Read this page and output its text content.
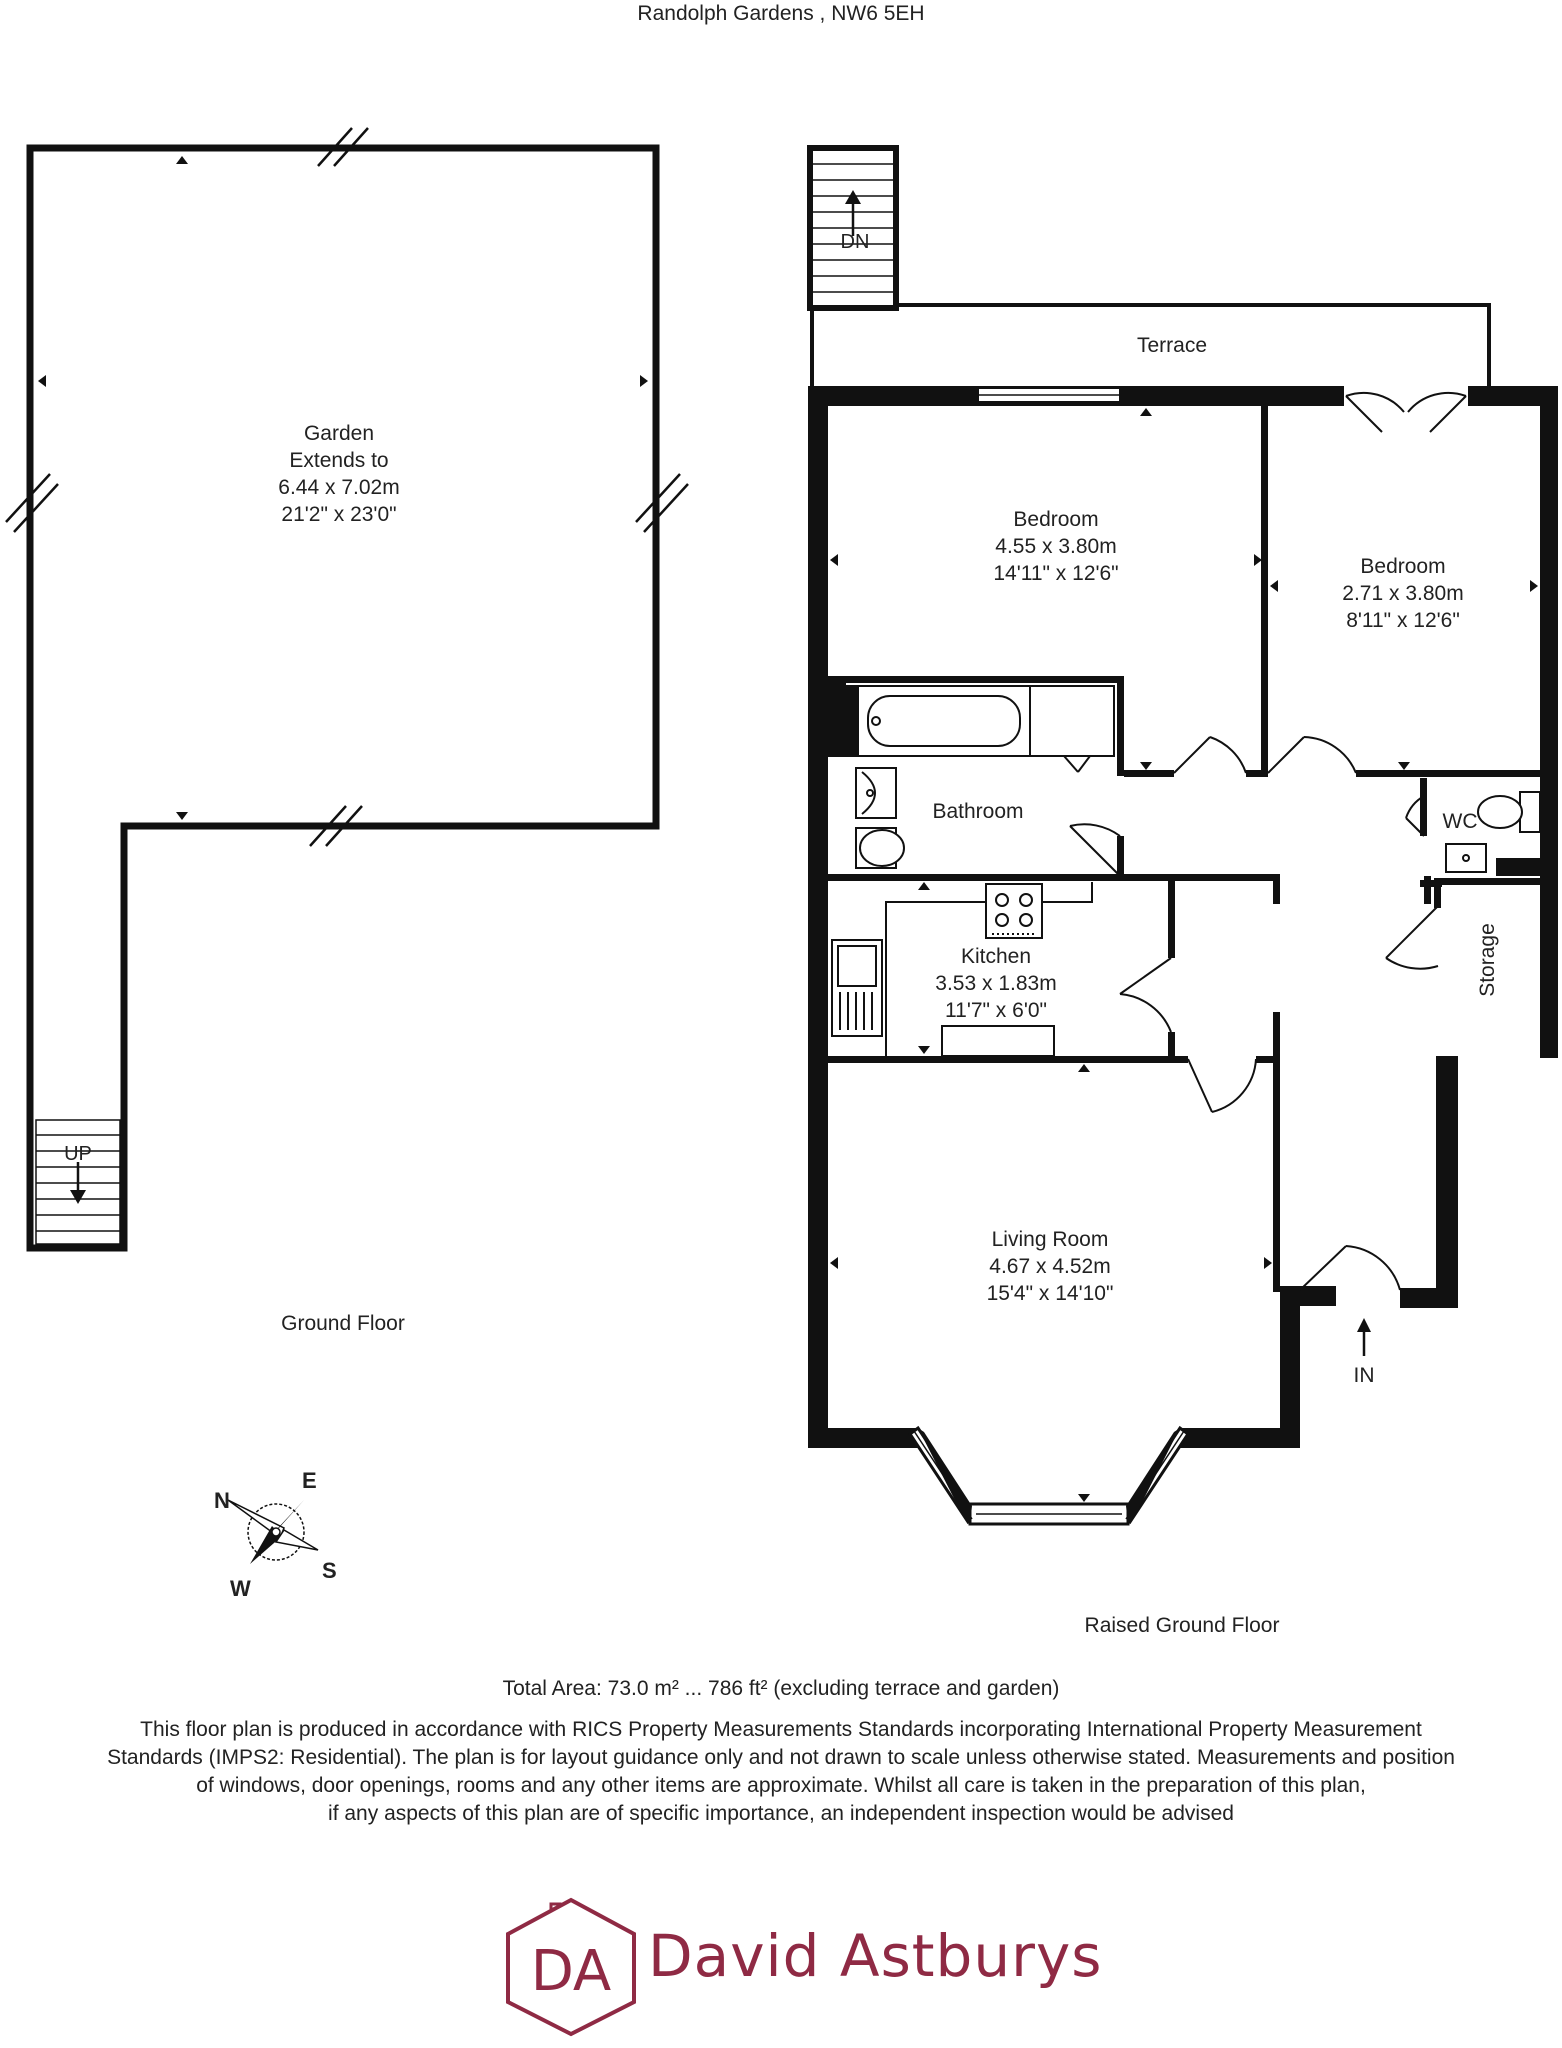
Randolph Gardens , NW6 5EH
UP
Garden
Extends to
6.44 x 7.02m
21'2" x 23'0"
Ground Floor
DN
Terrace
IN
Bedroom
4.55 x 3.80m
14'11" x 12'6"	Bedroom
2.71 x 3.80m
8'11" x 12'6"
Bathroom	WC
Storage
Kitchen
3.53 x 1.83m
11'7" x 6'0"
Living Room
4.67 x 4.52m
15'4" x 14'10"
Raised Ground Floor
N
E
S
W
Total Area: 73.0 m² ... 786 ft² (excluding terrace and garden)
This floor plan is produced in accordance with RICS Property Measurements Standards incorporating International Property Measurement
Standards (IMPS2: Residential). The plan is for layout guidance only and not drawn to scale unless otherwise stated. Measurements and position
of windows, door openings, rooms and any other items are approximate. Whilst all care is taken in the preparation of this plan,
if any aspects of this plan are of specific importance, an independent inspection would be advised
DA David Astburys
